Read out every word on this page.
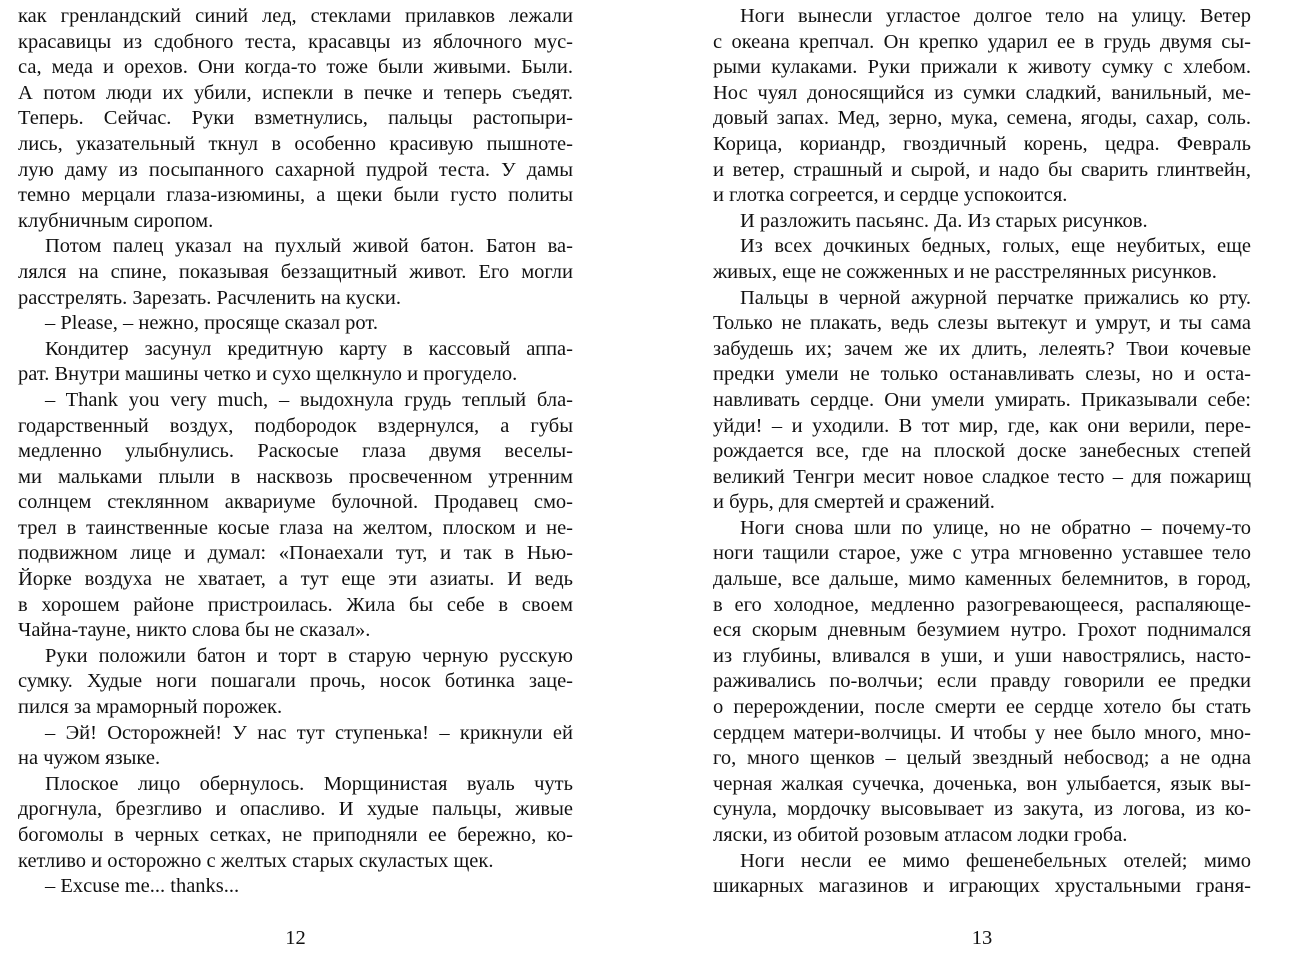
как гренландский синий лед, стеклами прилавков лежали
красавицы из сдобного теста, красавцы из яблочного мус-
са, меда и орехов. Они когда-то тоже были живыми. Были.
А потом люди их убили, испекли в печке и теперь съедят.
Теперь. Сейчас. Руки взметнулись, пальцы растопыри-
лись, указательный ткнул в особенно красивую пышноте-
лую даму из посыпанного сахарной пудрой теста. У дамы
темно мерцали глаза-изюмины, а щеки были густо политы
клубничным сиропом.

Потом палец указал на пухлый живой батон. Батон ва-
лялся на спине, показывая беззащитный живот. Его могли
расстрелять. Зарезать. Расчленить на куски.

– Please, – нежно, просяще сказал рот.

Кондитер засунул кредитную карту в кассовый аппа-
рат. Внутри машины четко и сухо щелкнуло и прогудело.

– Thank you very much, – выдохнула грудь теплый бла-
годарственный воздух, подбородок вздернулся, а губы
медленно улыбнулись. Раскосые глаза двумя веселы-
ми мальками плыли в насквозь просвеченном утренним
солнцем стеклянном аквариуме булочной. Продавец смо-
трел в таинственные косые глаза на желтом, плоском и не-
подвижном лице и думал: «Понаехали тут, и так в Нью-
Йорке воздуха не хватает, а тут еще эти азиаты. И ведь
в хорошем районе пристроилась. Жила бы себе в своем
Чайна-тауне, никто слова бы не сказал».

Руки положили батон и торт в старую черную русскую
сумку. Худые ноги пошагали прочь, носок ботинка заце-
пился за мраморный порожек.

– Эй! Осторожней! У нас тут ступенька! – крикнули ей
на чужом языке.

Плоское лицо обернулось. Морщинистая вуаль чуть
дрогнула, брезгливо и опасливо. И худые пальцы, живые
богомолы в черных сетках, не приподняли ее бережно, ко-
кетливо и осторожно с желтых старых скуластых щек.

– Excuse me... thanks...

12

Ноги вынесли угластое долгое тело на улицу. Ветер
с океана крепчал. Он крепко ударил ее в грудь двумя сы-
рыми кулаками. Руки прижали к животу сумку с хлебом.
Нос чуял доносящийся из сумки сладкий, ванильный, ме-
довый запах. Мед, зерно, мука, семена, ягоды, сахар, соль.
Корица, кориандр, гвоздичный корень, цедра. Февраль
и ветер, страшный и сырой, и надо бы сварить глинтвейн,
и глотка согреется, и сердце успокоится.

И разложить пасьянс. Да. Из старых рисунков.

Из всех дочкиных бедных, голых, еще неубитых, еще
живых, еще не сожженных и не расстрелянных рисунков.

Пальцы в черной ажурной перчатке прижались ко рту.
Только не плакать, ведь слезы вытекут и умрут, и ты сама
забудешь их; зачем же их длить, лелеять? Твои кочевые
предки умели не только останавливать слезы, но и оста-
навливать сердце. Они умели умирать. Приказывали себе:
уйди! – и уходили. В тот мир, где, как они верили, пере-
рождается все, где на плоской доске занебесных степей
великий Тенгри месит новое сладкое тесто – для пожарищ
и бурь, для смертей и сражений.

Ноги снова шли по улице, но не обратно – почему-то
ноги тащили старое, уже с утра мгновенно уставшее тело
дальше, все дальше, мимо каменных белемнитов, в город,
в его холодное, медленно разогревающееся, распаляюще-
еся скорым дневным безумием нутро. Грохот поднимался
из глубины, вливался в уши, и уши навострялись, насто-
раживались по-волчьи; если правду говорили ее предки
о перерождении, после смерти ее сердце хотело бы стать
сердцем матери-волчицы. И чтобы у нее было много, мно-
го, много щенков – целый звездный небосвод; а не одна
черная жалкая сучечка, доченька, вон улыбается, язык вы-
сунула, мордочку высовывает из закута, из логова, из ко-
ляски, из обитой розовым атласом лодки гроба.

Ноги несли ее мимо фешенебельных отелей; мимо
шикарных магазинов и играющих хрустальными граня-

13
